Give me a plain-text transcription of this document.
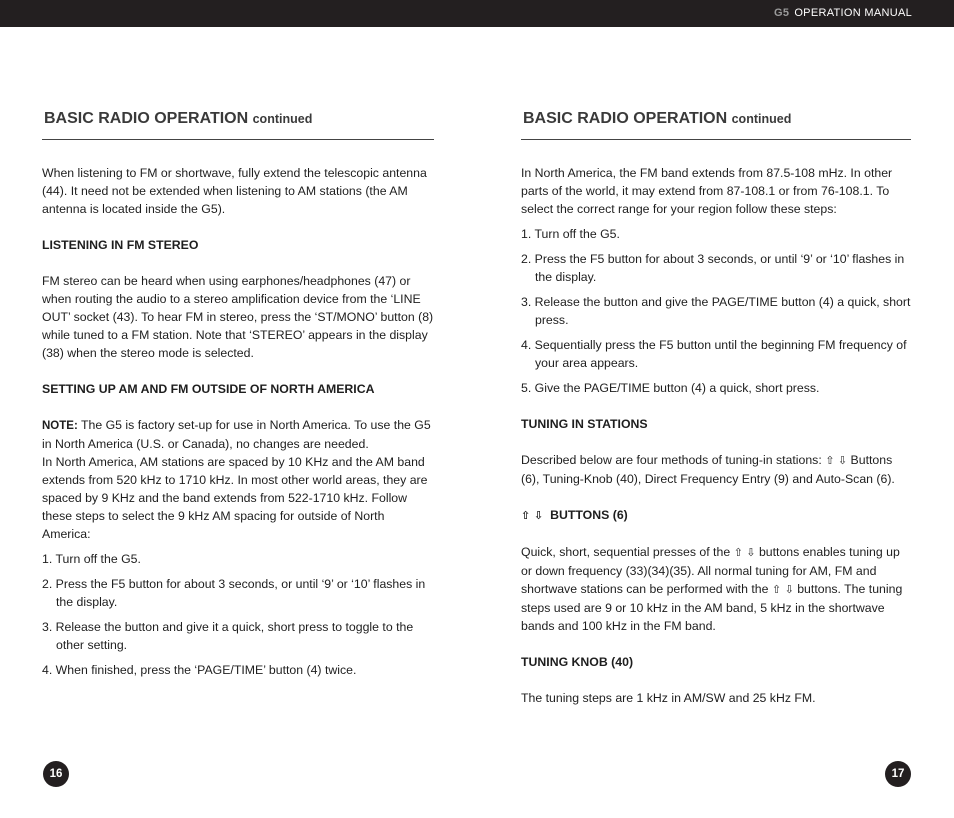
G5 OPERATION MANUAL
BASIC RADIO OPERATION continued

When listening to FM or shortwave, fully extend the telescopic antenna (44). It need not be extended when listening to AM stations (the AM antenna is located inside the G5).

LISTENING IN FM STEREO

FM stereo can be heard when using earphones/headphones (47) or when routing the audio to a stereo amplification device from the ‘LINE OUT’ socket (43). To hear FM in stereo, press the ‘ST/MONO’ button (8) while tuned to a FM station. Note that ‘STEREO’ appears in the display (38) when the stereo mode is selected.

SETTING UP AM AND FM OUTSIDE OF NORTH AMERICA

NOTE: The G5 is factory set-up for use in North America. To use the G5 in North America (U.S. or Canada), no changes are needed.

In North America, AM stations are spaced by 10 KHz and the AM band extends from 520 kHz to 1710 kHz. In most other world areas, they are spaced by 9 KHz and the band extends from 522-1710 kHz. Follow these steps to select the 9 kHz AM spacing for outside of North America:

1. Turn off the G5.
2. Press the F5 button for about 3 seconds, or until ‘9’ or ‘10’ flashes in the display.
3. Release the button and give it a quick, short press to toggle to the other setting.
4. When finished, press the ‘PAGE/TIME’ button (4) twice.
BASIC RADIO OPERATION continued

In North America, the FM band extends from 87.5-108 mHz. In other parts of the world, it may extend from 87-108.1 or from 76-108.1. To select the correct range for your region follow these steps:

1. Turn off the G5.
2. Press the F5 button for about 3 seconds, or until ‘9’ or ‘10’ flashes in the display.
3. Release the button and give the PAGE/TIME button (4) a quick, short press.
4. Sequentially press the F5 button until the beginning FM frequency of your area appears.
5. Give the PAGE/TIME button (4) a quick, short press.
TUNING IN STATIONS

Described below are four methods of tuning-in stations: ⇧ ⇩ Buttons (6), Tuning-Knob (40), Direct Frequency Entry (9) and Auto-Scan (6).

⇧ ⇩ BUTTONS (6)

Quick, short, sequential presses of the ⇧ ⇩ buttons enables tuning up or down frequency (33)(34)(35). All normal tuning for AM, FM and shortwave stations can be performed with the ⇧ ⇩ buttons. The tuning steps used are 9 or 10 kHz in the AM band, 5 kHz in the shortwave bands and 100 kHz in the FM band.

TUNING KNOB (40)

The tuning steps are 1 kHz in AM/SW and 25 kHz FM.

16	17
